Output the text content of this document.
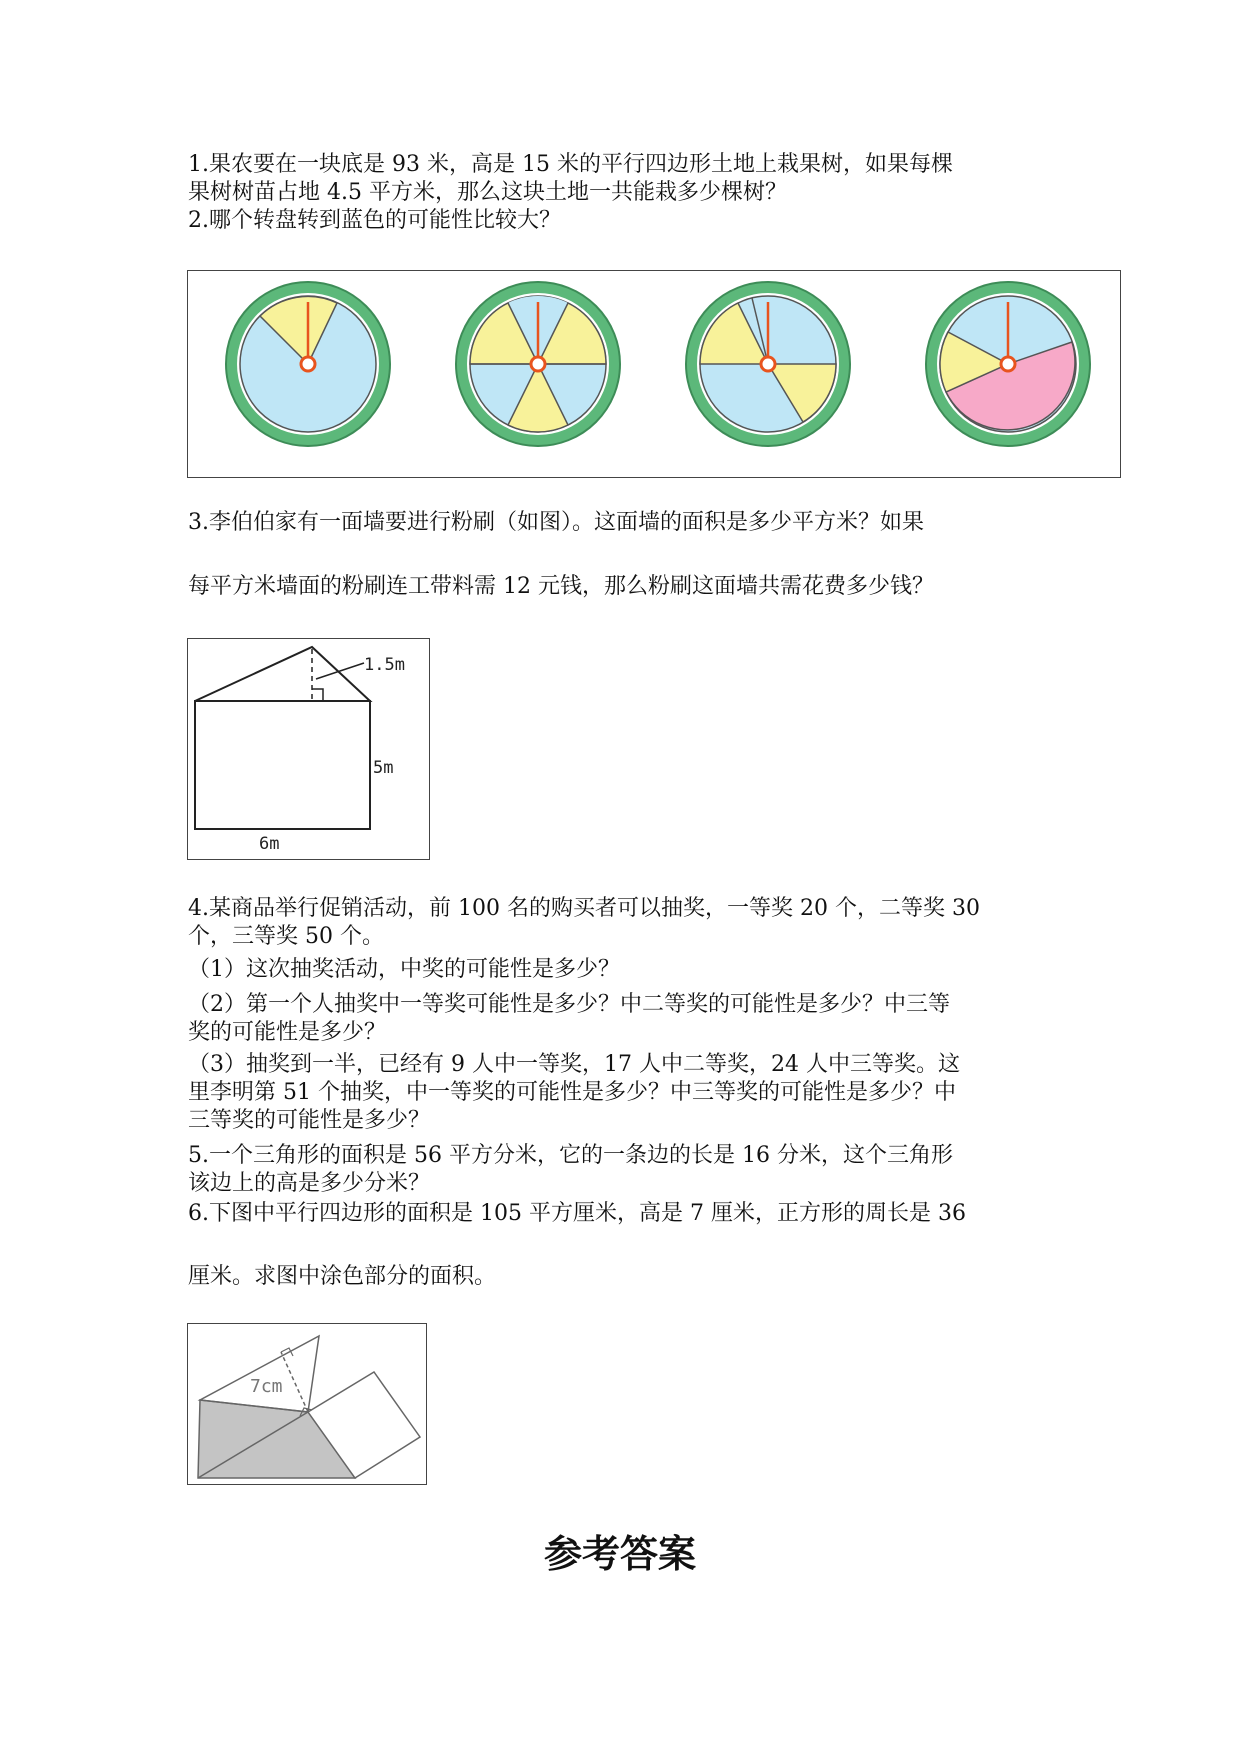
1.果农要在一块底是 93 米，高是 15 米的平行四边形土地上栽果树，如果每棵
果树树苗占地 4.5 平方米，那么这块土地一共能栽多少棵树？
2.哪个转盘转到蓝色的可能性比较大？
3.李伯伯家有一面墙要进行粉刷（如图）。这面墙的面积是多少平方米？如果
每平方米墙面的粉刷连工带料需 12 元钱，那么粉刷这面墙共需花费多少钱？
1.5m
5m
6m
4.某商品举行促销活动，前 100 名的购买者可以抽奖，一等奖 20 个，二等奖 30
个，三等奖 50 个。
（1）这次抽奖活动，中奖的可能性是多少？
（2）第一个人抽奖中一等奖可能性是多少？中二等奖的可能性是多少？中三等
奖的可能性是多少？
（3）抽奖到一半，已经有 9 人中一等奖，17 人中二等奖，24 人中三等奖。这
里李明第 51 个抽奖，中一等奖的可能性是多少？中三等奖的可能性是多少？中
三等奖的可能性是多少？
5.一个三角形的面积是 56 平方分米，它的一条边的长是 16 分米，这个三角形
该边上的高是多少分米？
6.下图中平行四边形的面积是 105 平方厘米，高是 7 厘米，正方形的周长是 36
厘米。求图中涂色部分的面积。
7cm
参考答案
